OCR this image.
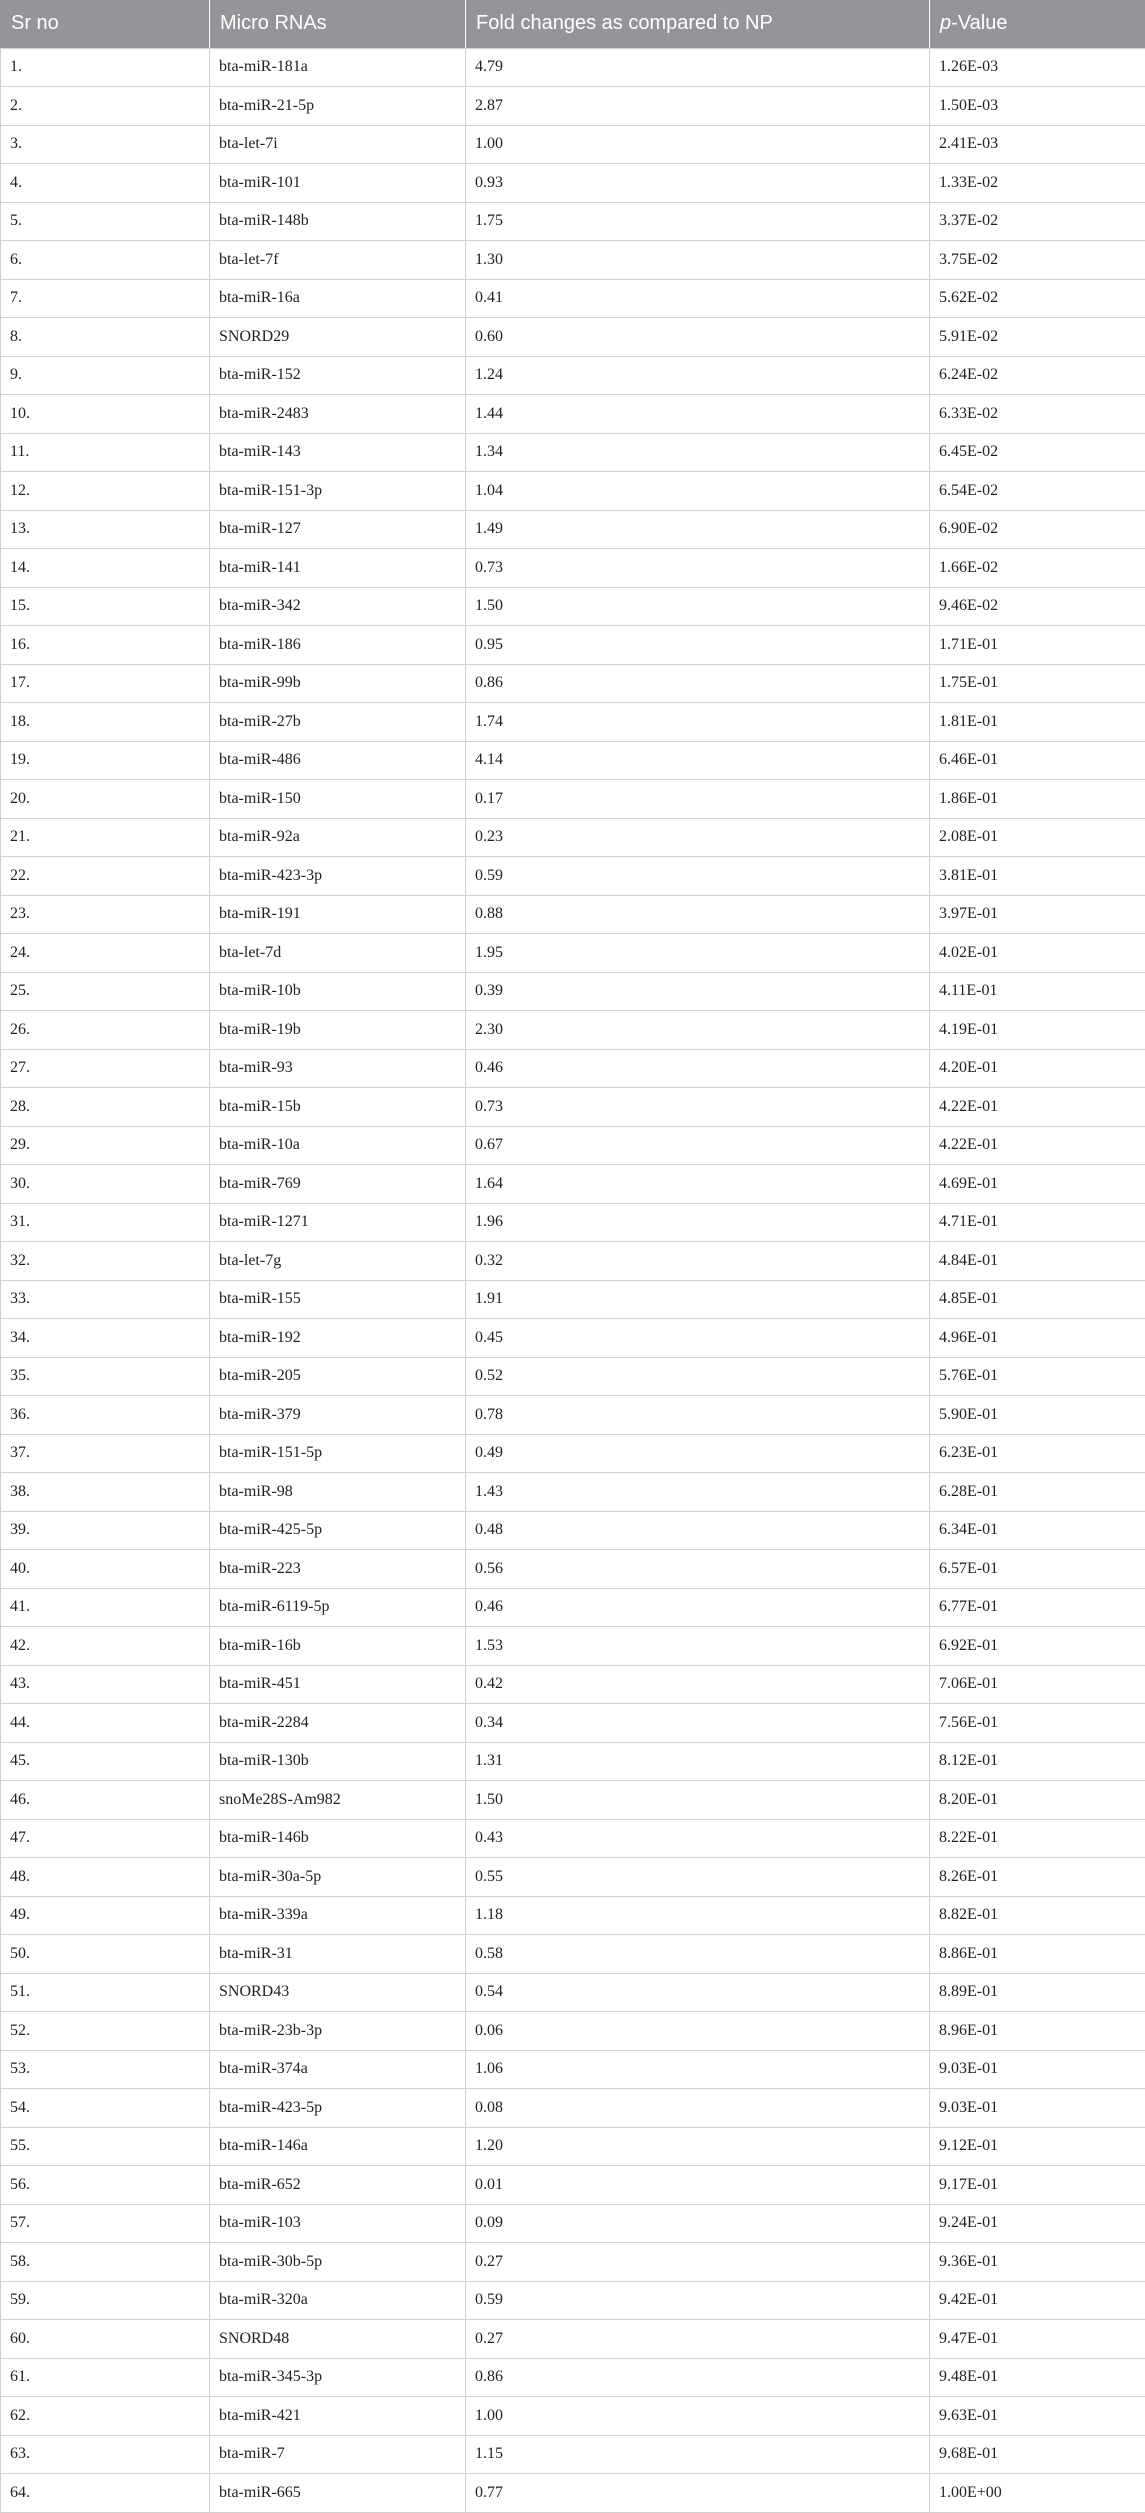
Sr no	Micro RNAs	Fold changes as compared to NP	p-Value
1.	bta-miR-181a	4.79	1.26E-03
2.	bta-miR-21-5p	2.87	1.50E-03
3.	bta-let-7i	1.00	2.41E-03
4.	bta-miR-101	0.93	1.33E-02
5.	bta-miR-148b	1.75	3.37E-02
6.	bta-let-7f	1.30	3.75E-02
7.	bta-miR-16a	0.41	5.62E-02
8.	SNORD29	0.60	5.91E-02
9.	bta-miR-152	1.24	6.24E-02
10.	bta-miR-2483	1.44	6.33E-02
11.	bta-miR-143	1.34	6.45E-02
12.	bta-miR-151-3p	1.04	6.54E-02
13.	bta-miR-127	1.49	6.90E-02
14.	bta-miR-141	0.73	1.66E-02
15.	bta-miR-342	1.50	9.46E-02
16.	bta-miR-186	0.95	1.71E-01
17.	bta-miR-99b	0.86	1.75E-01
18.	bta-miR-27b	1.74	1.81E-01
19.	bta-miR-486	4.14	6.46E-01
20.	bta-miR-150	0.17	1.86E-01
21.	bta-miR-92a	0.23	2.08E-01
22.	bta-miR-423-3p	0.59	3.81E-01
23.	bta-miR-191	0.88	3.97E-01
24.	bta-let-7d	1.95	4.02E-01
25.	bta-miR-10b	0.39	4.11E-01
26.	bta-miR-19b	2.30	4.19E-01
27.	bta-miR-93	0.46	4.20E-01
28.	bta-miR-15b	0.73	4.22E-01
29.	bta-miR-10a	0.67	4.22E-01
30.	bta-miR-769	1.64	4.69E-01
31.	bta-miR-1271	1.96	4.71E-01
32.	bta-let-7g	0.32	4.84E-01
33.	bta-miR-155	1.91	4.85E-01
34.	bta-miR-192	0.45	4.96E-01
35.	bta-miR-205	0.52	5.76E-01
36.	bta-miR-379	0.78	5.90E-01
37.	bta-miR-151-5p	0.49	6.23E-01
38.	bta-miR-98	1.43	6.28E-01
39.	bta-miR-425-5p	0.48	6.34E-01
40.	bta-miR-223	0.56	6.57E-01
41.	bta-miR-6119-5p	0.46	6.77E-01
42.	bta-miR-16b	1.53	6.92E-01
43.	bta-miR-451	0.42	7.06E-01
44.	bta-miR-2284	0.34	7.56E-01
45.	bta-miR-130b	1.31	8.12E-01
46.	snoMe28S-Am982	1.50	8.20E-01
47.	bta-miR-146b	0.43	8.22E-01
48.	bta-miR-30a-5p	0.55	8.26E-01
49.	bta-miR-339a	1.18	8.82E-01
50.	bta-miR-31	0.58	8.86E-01
51.	SNORD43	0.54	8.89E-01
52.	bta-miR-23b-3p	0.06	8.96E-01
53.	bta-miR-374a	1.06	9.03E-01
54.	bta-miR-423-5p	0.08	9.03E-01
55.	bta-miR-146a	1.20	9.12E-01
56.	bta-miR-652	0.01	9.17E-01
57.	bta-miR-103	0.09	9.24E-01
58.	bta-miR-30b-5p	0.27	9.36E-01
59.	bta-miR-320a	0.59	9.42E-01
60.	SNORD48	0.27	9.47E-01
61.	bta-miR-345-3p	0.86	9.48E-01
62.	bta-miR-421	1.00	9.63E-01
63.	bta-miR-7	1.15	9.68E-01
64.	bta-miR-665	0.77	1.00E+00
